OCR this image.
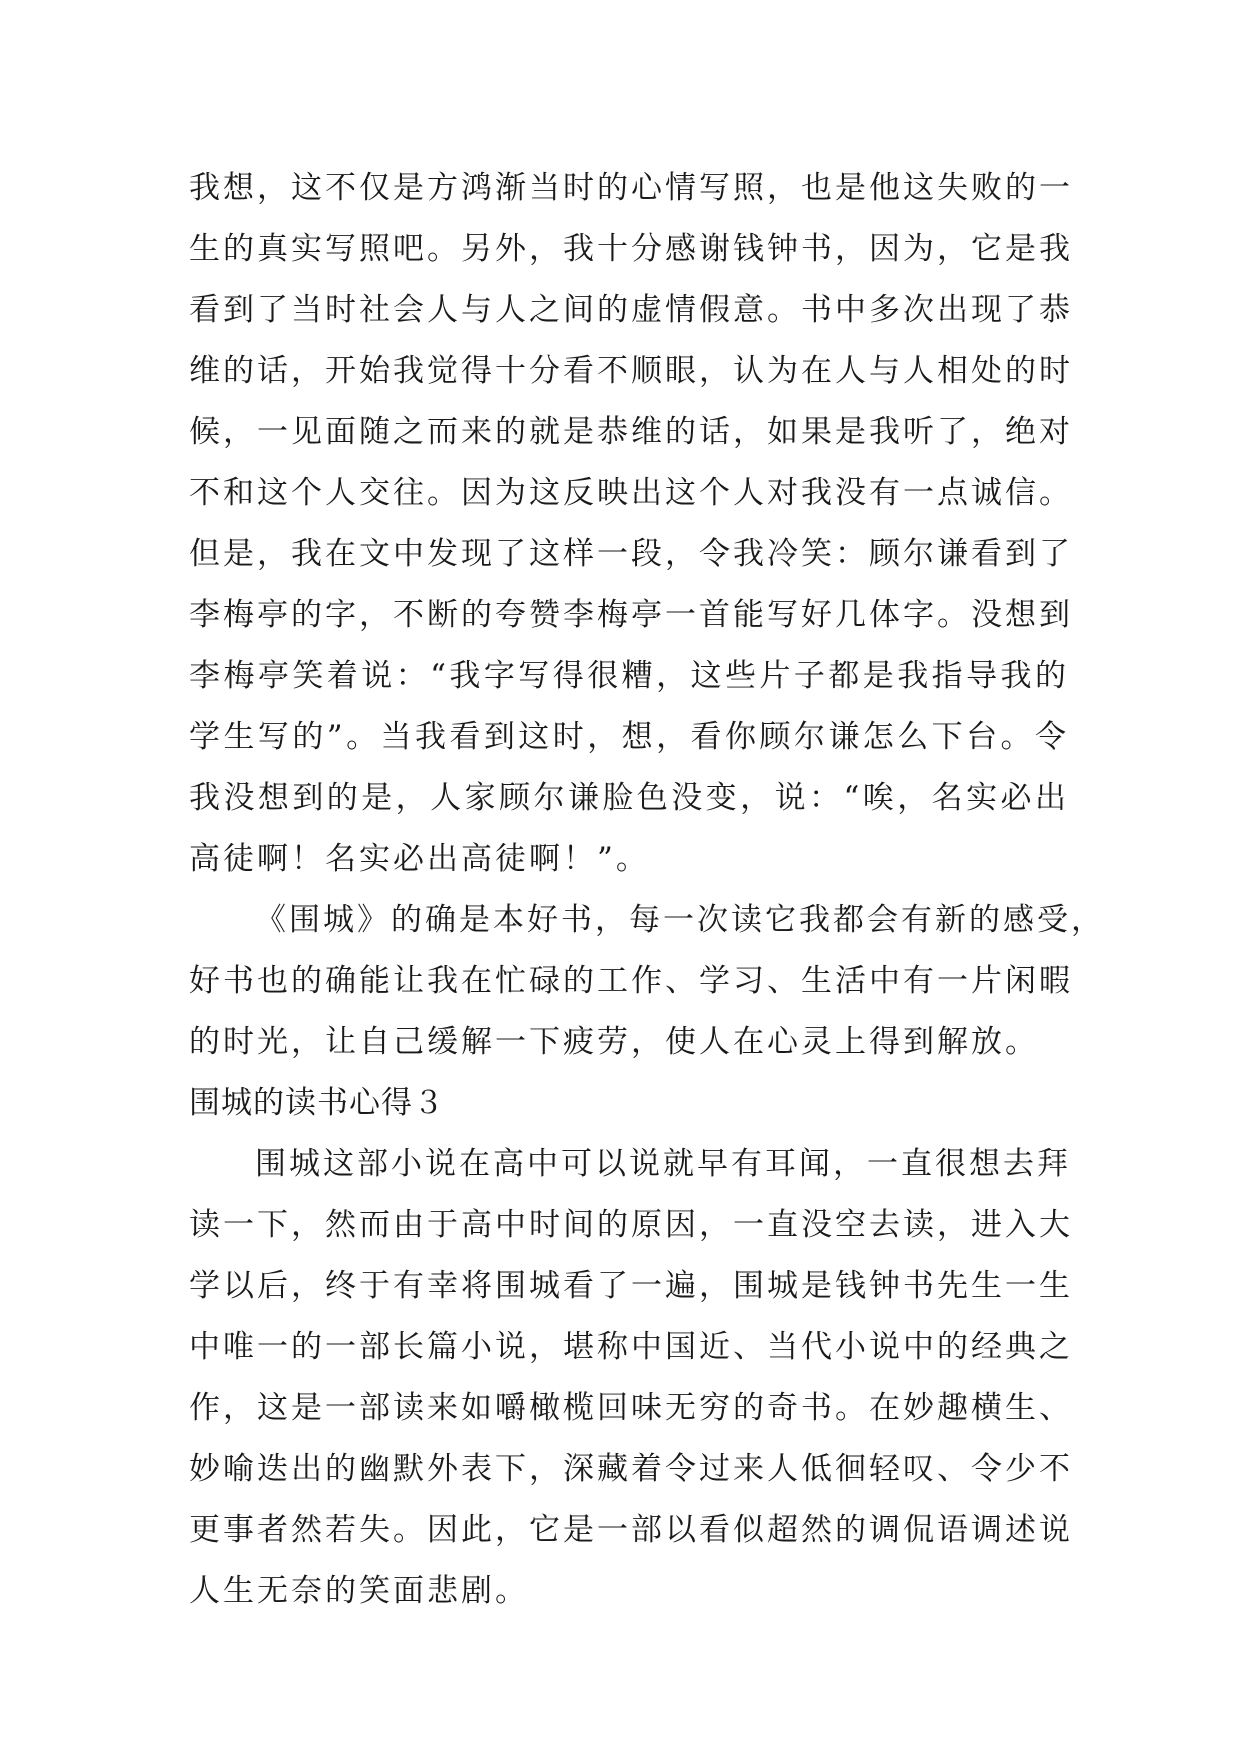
我想，这不仅是方鸿渐当时的心情写照，也是他这失败的一
生的真实写照吧。另外，我十分感谢钱钟书，因为，它是我
看到了当时社会人与人之间的虚情假意。书中多次出现了恭
维的话，开始我觉得十分看不顺眼，认为在人与人相处的时
候，一见面随之而来的就是恭维的话，如果是我听了，绝对
不和这个人交往。因为这反映出这个人对我没有一点诚信。
但是，我在文中发现了这样一段，令我冷笑：顾尔谦看到了
李梅亭的字，不断的夸赞李梅亭一首能写好几体字。没想到
李梅亭笑着说：“我字写得很糟，这些片子都是我指导我的
学生写的”。当我看到这时，想，看你顾尔谦怎么下台。令
我没想到的是，人家顾尔谦脸色没变，说：“唉，名实必出
高徒啊！名实必出高徒啊！”。
《围城》的确是本好书，每一次读它我都会有新的感受，
好书也的确能让我在忙碌的工作、学习、生活中有一片闲暇
的时光，让自己缓解一下疲劳，使人在心灵上得到解放。
围城的读书心得３
围城这部小说在高中可以说就早有耳闻，一直很想去拜
读一下，然而由于高中时间的原因，一直没空去读，进入大
学以后，终于有幸将围城看了一遍，围城是钱钟书先生一生
中唯一的一部长篇小说，堪称中国近、当代小说中的经典之
作，这是一部读来如嚼橄榄回味无穷的奇书。在妙趣横生、
妙喻迭出的幽默外表下，深藏着令过来人低徊轻叹、令少不
更事者然若失。因此，它是一部以看似超然的调侃语调述说
人生无奈的笑面悲剧。
